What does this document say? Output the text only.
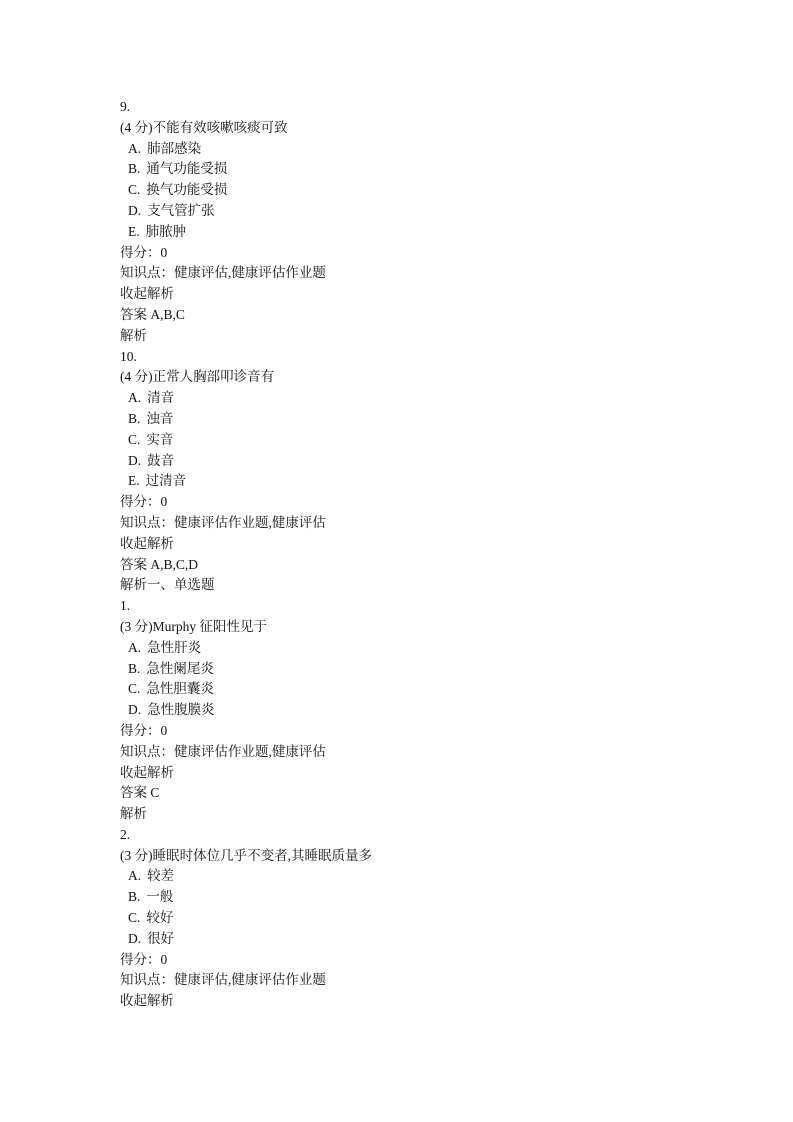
9.
(4 分)不能有效咳嗽咳痰可致
A. 肺部感染
B. 通气功能受损
C. 换气功能受损
D. 支气管扩张
E. 肺脓肿
得分：0
知识点：健康评估,健康评估作业题
收起解析
答案 A,B,C
解析
10.
(4 分)正常人胸部叩诊音有
A. 清音
B. 浊音
C. 实音
D. 鼓音
E. 过清音
得分：0
知识点：健康评估作业题,健康评估
收起解析
答案 A,B,C,D
解析一、单选题
1.
(3 分)Murphy 征阳性见于
A. 急性肝炎
B. 急性阑尾炎
C. 急性胆囊炎
D. 急性腹膜炎
得分：0
知识点：健康评估作业题,健康评估
收起解析
答案 C
解析
2.
(3 分)睡眠时体位几乎不变者,其睡眠质量多
A. 较差
B. 一般
C. 较好
D. 很好
得分：0
知识点：健康评估,健康评估作业题
收起解析
